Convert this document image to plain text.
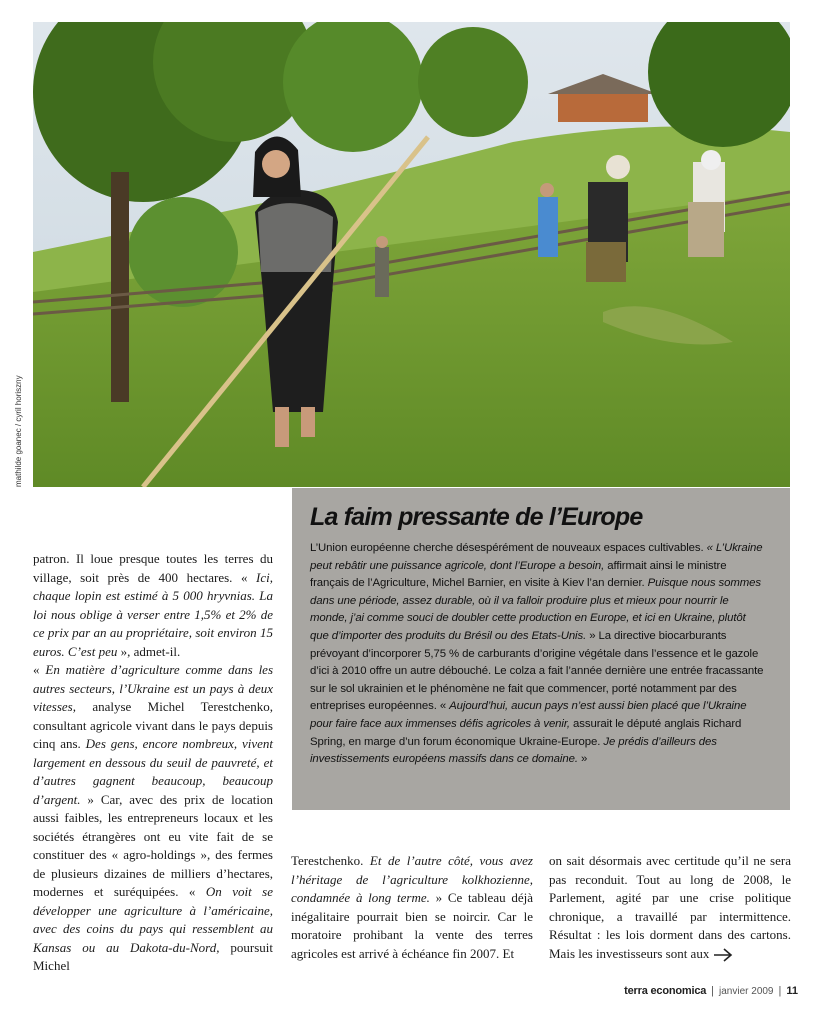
mathilde goanec / cyril horiszny
La faim pressante de l’Europe

L’Union européenne cherche désespérément de nouveaux espaces cultivables. « L’Ukraine peut rebâtir une puissance agricole, dont l’Europe a besoin, affirmait ainsi le ministre français de l’Agriculture, Michel Barnier, en visite à Kiev l’an dernier. Puisque nous sommes dans une période, assez durable, où il va falloir produire plus et mieux pour nourrir le monde, j’ai comme souci de doubler cette production en Europe, et ici en Ukraine, plutôt que d’importer des produits du Brésil ou des Etats-Unis. » La directive biocarburants prévoyant d’incorporer 5,75 % de carburants d’origine végétale dans l’essence et le gazole d’ici à 2010 offre un autre débouché. Le colza a fait l’année dernière une entrée fracassante sur le sol ukrainien et le phénomène ne fait que commencer, porté notamment par des entreprises européennes. « Aujourd’hui, aucun pays n’est aussi bien placé que l’Ukraine pour faire face aux immenses défis agricoles à venir, assurait le député anglais Richard Spring, en marge d’un forum économique Ukraine-Europe. Je prédis d’ailleurs des investissements européens massifs dans ce domaine. »

patron. Il loue presque toutes les terres du village, soit près de 400 hectares. « Ici, chaque lopin est estimé à 5 000 hryvnias. La loi nous oblige à verser entre 1,5% et 2% de ce prix par an au propriétaire, soit environ 15 euros. C’est peu », admet-il.
« En matière d’agriculture comme dans les autres secteurs, l’Ukraine est un pays à deux vitesses, analyse Michel Terestchenko, consultant agricole vivant dans le pays depuis cinq ans. Des gens, encore nombreux, vivent largement en dessous du seuil de pauvreté, et d’autres gagnent beaucoup, beaucoup d’argent. » Car, avec des prix de location aussi faibles, les entrepreneurs locaux et les sociétés étrangères ont eu vite fait de se constituer des « agro-holdings », des fermes de plusieurs dizaines de milliers d’hectares, modernes et suréquipées. « On voit se développer une agriculture à l’américaine, avec des coins du pays qui ressemblent au Kansas ou au Dakota-du-Nord, poursuit Michel
Terestchenko. Et de l’autre côté, vous avez l’héritage de l’agriculture kolkhozienne, condamnée à long terme. » Ce tableau déjà inégalitaire pourrait bien se noircir. Car le moratoire prohibant la vente des terres agricoles est arrivé à échéance fin 2007. Et
on sait désormais avec certitude qu’il ne sera pas reconduit. Tout au long de 2008, le Parlement, agité par une crise politique chronique, a travaillé par intermittence. Résultat : les lois dorment dans des cartons. Mais les investisseurs sont aux
terra economica | janvier 2009 | 11
